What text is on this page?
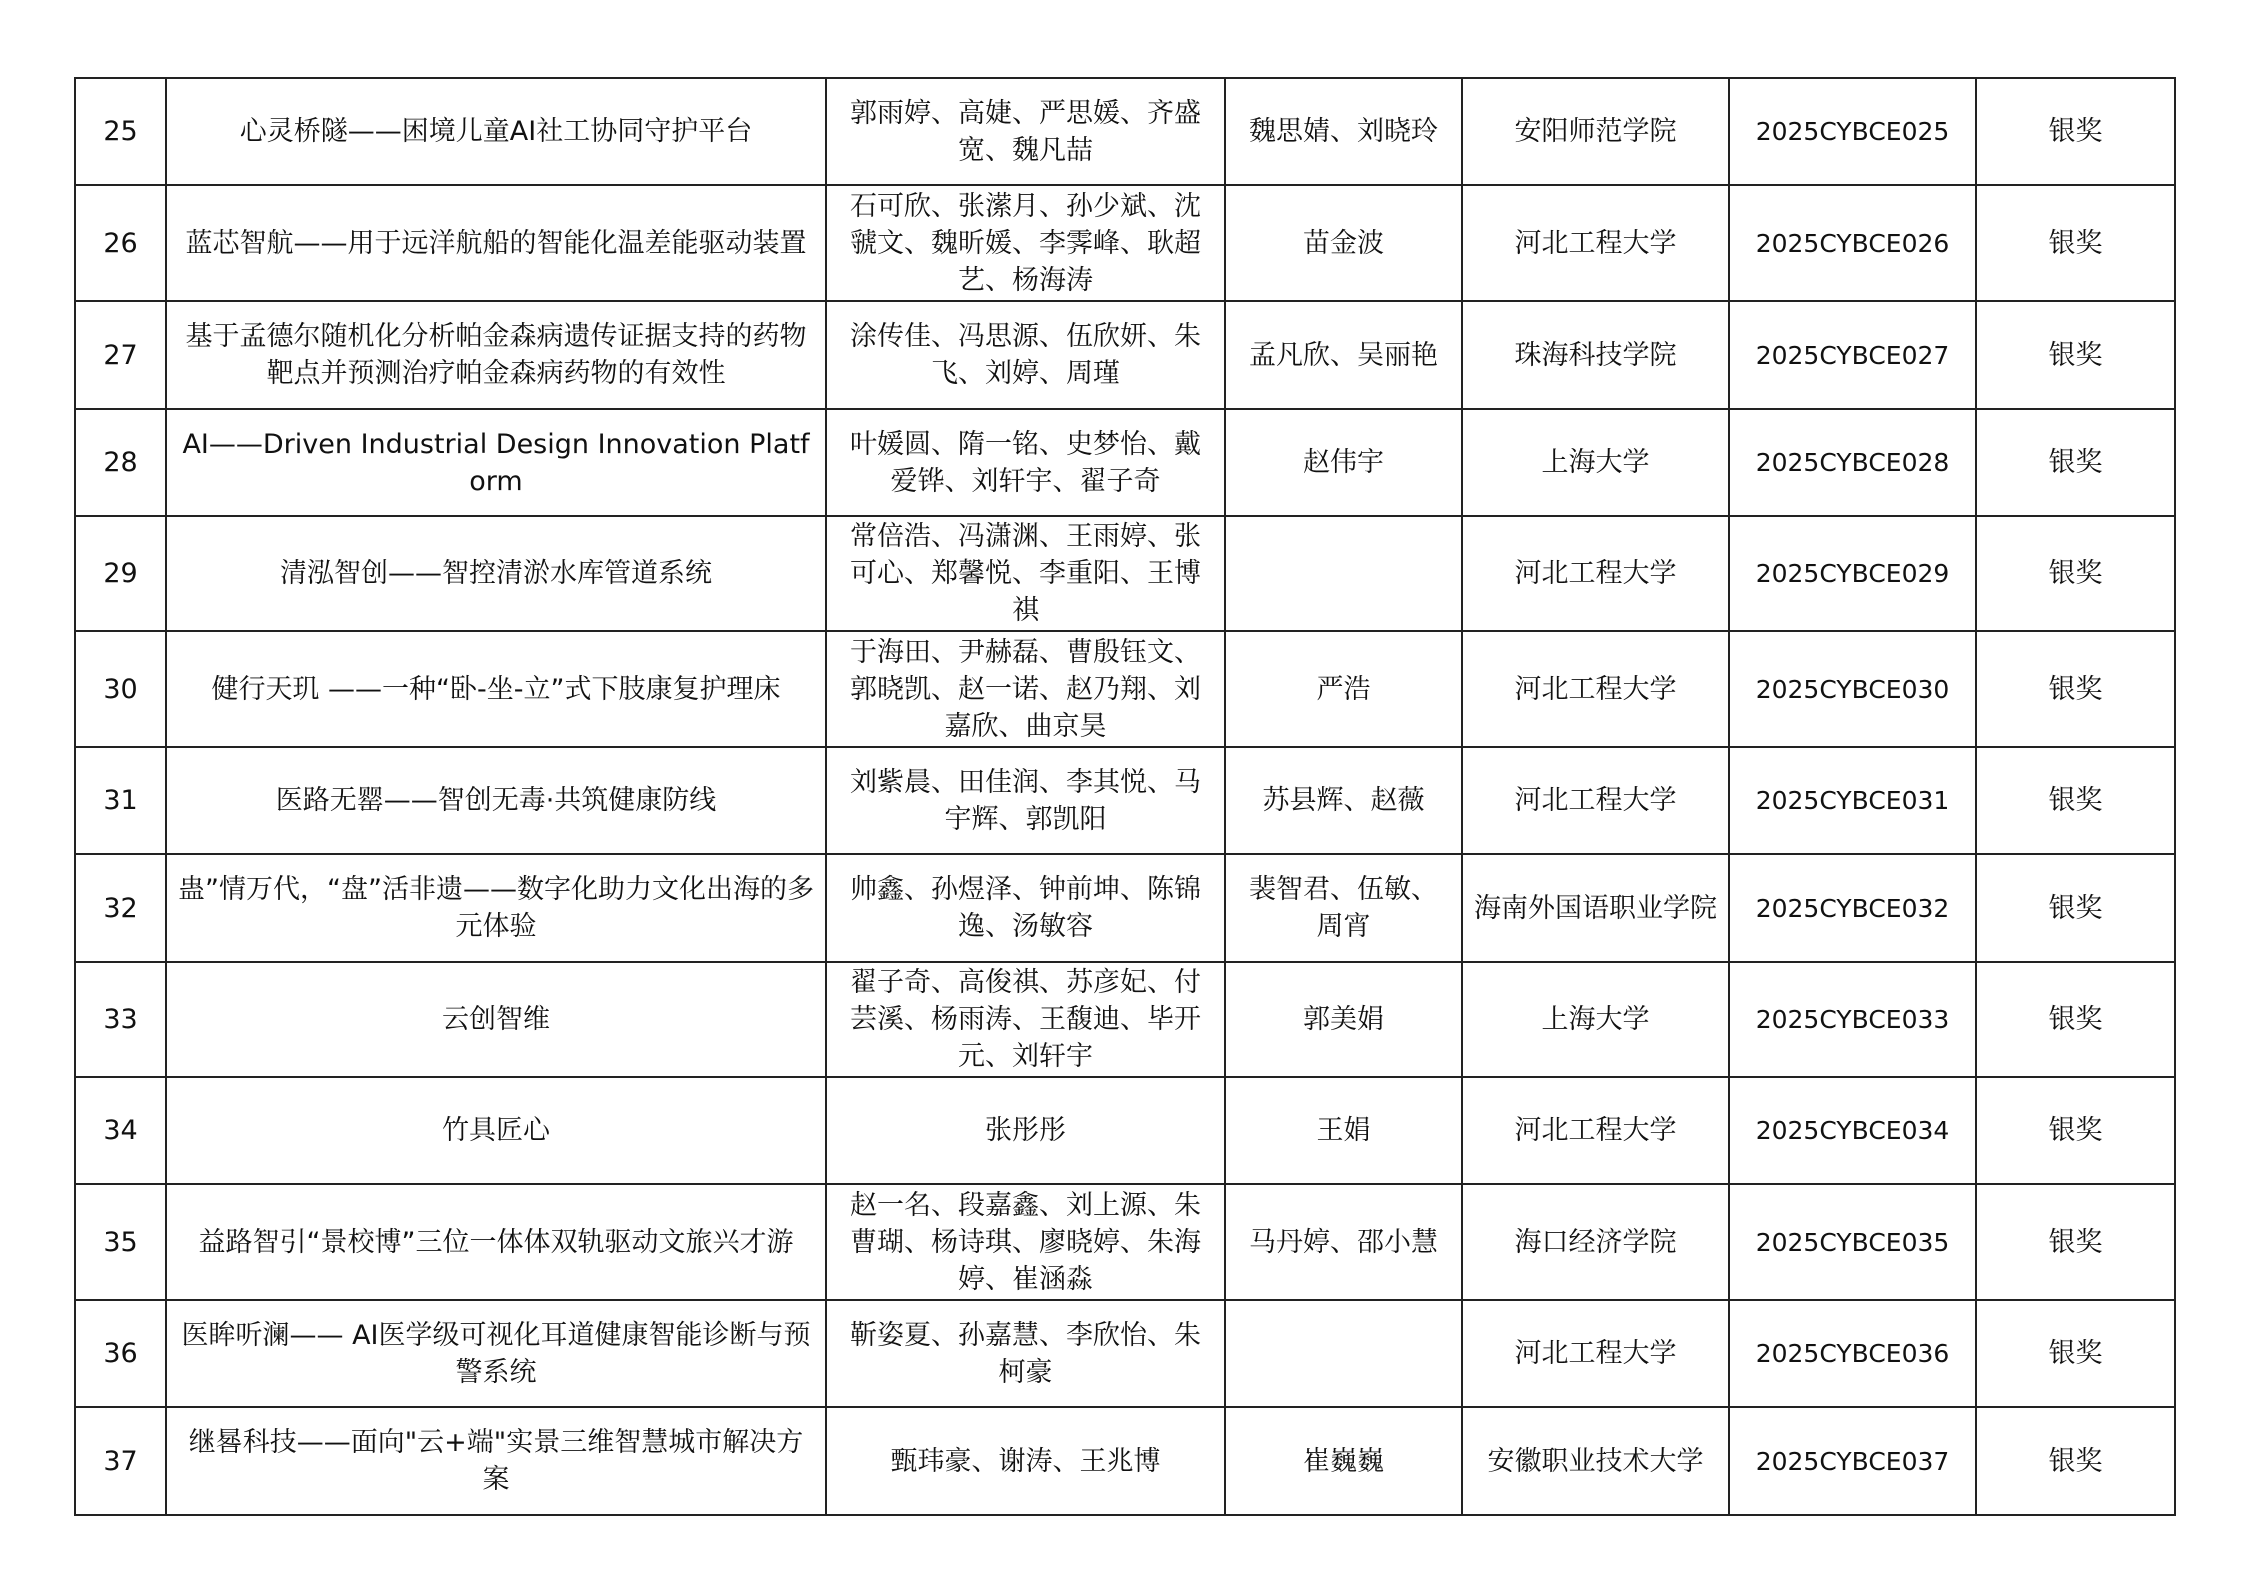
25	心灵桥隧——困境儿童AI社工协同守护平台	郭雨婷、高婕、严思媛、齐盛宽、魏凡喆	魏思婧、刘晓玲	安阳师范学院	2025CYBCE025	银奖
26	蓝芯智航——用于远洋航船的智能化温差能驱动装置	石可欣、张潆月、孙少斌、沈虢文、魏昕媛、李霁峰、耿超艺、杨海涛	苗金波	河北工程大学	2025CYBCE026	银奖
27	基于孟德尔随机化分析帕金森病遗传证据支持的药物靶点并预测治疗帕金森病药物的有效性	涂传佳、冯思源、伍欣妍、朱飞、刘婷、周瑾	孟凡欣、吴丽艳	珠海科技学院	2025CYBCE027	银奖
28	AI——Driven Industrial Design Innovation Platform	叶媛圆、隋一铭、史梦怡、戴爱铧、刘轩宇、翟子奇	赵伟宇	上海大学	2025CYBCE028	银奖
29	清泓智创——智控清淤水库管道系统	常倍浩、冯潇渊、王雨婷、张可心、郑馨悦、李重阳、王博祺		河北工程大学	2025CYBCE029	银奖
30	健行天玑 ——一种“卧-坐-立”式下肢康复护理床	于海田、尹赫磊、曹殷钰文、郭晓凯、赵一诺、赵乃翔、刘嘉欣、曲京昊	严浩	河北工程大学	2025CYBCE030	银奖
31	医路无罂——智创无毒·共筑健康防线	刘紫晨、田佳润、李其悦、马宇辉、郭凯阳	苏县辉、赵薇	河北工程大学	2025CYBCE031	银奖
32	蛊”情万代，“盘”活非遗——数字化助力文化出海的多元体验	帅鑫、孙煜泽、钟前坤、陈锦逸、汤敏容	裴智君、伍敏、周宵	海南外国语职业学院	2025CYBCE032	银奖
33	云创智维	翟子奇、高俊祺、苏彦妃、付芸溪、杨雨涛、王馥迪、毕开元、刘轩宇	郭美娟	上海大学	2025CYBCE033	银奖
34	竹具匠心	张彤彤	王娟	河北工程大学	2025CYBCE034	银奖
35	益路智引“景校博”三位一体体双轨驱动文旅兴才游	赵一名、段嘉鑫、刘上源、朱曹瑚、杨诗琪、廖晓婷、朱海婷、崔涵淼	马丹婷、邵小慧	海口经济学院	2025CYBCE035	银奖
36	医眸听澜—— AI医学级可视化耳道健康智能诊断与预警系统	靳姿夏、孙嘉慧、李欣怡、朱柯豪		河北工程大学	2025CYBCE036	银奖
37	继晷科技——面向"云+端"实景三维智慧城市解决方案	甄玮豪、谢涛、王兆博	崔巍巍	安徽职业技术大学	2025CYBCE037	银奖
